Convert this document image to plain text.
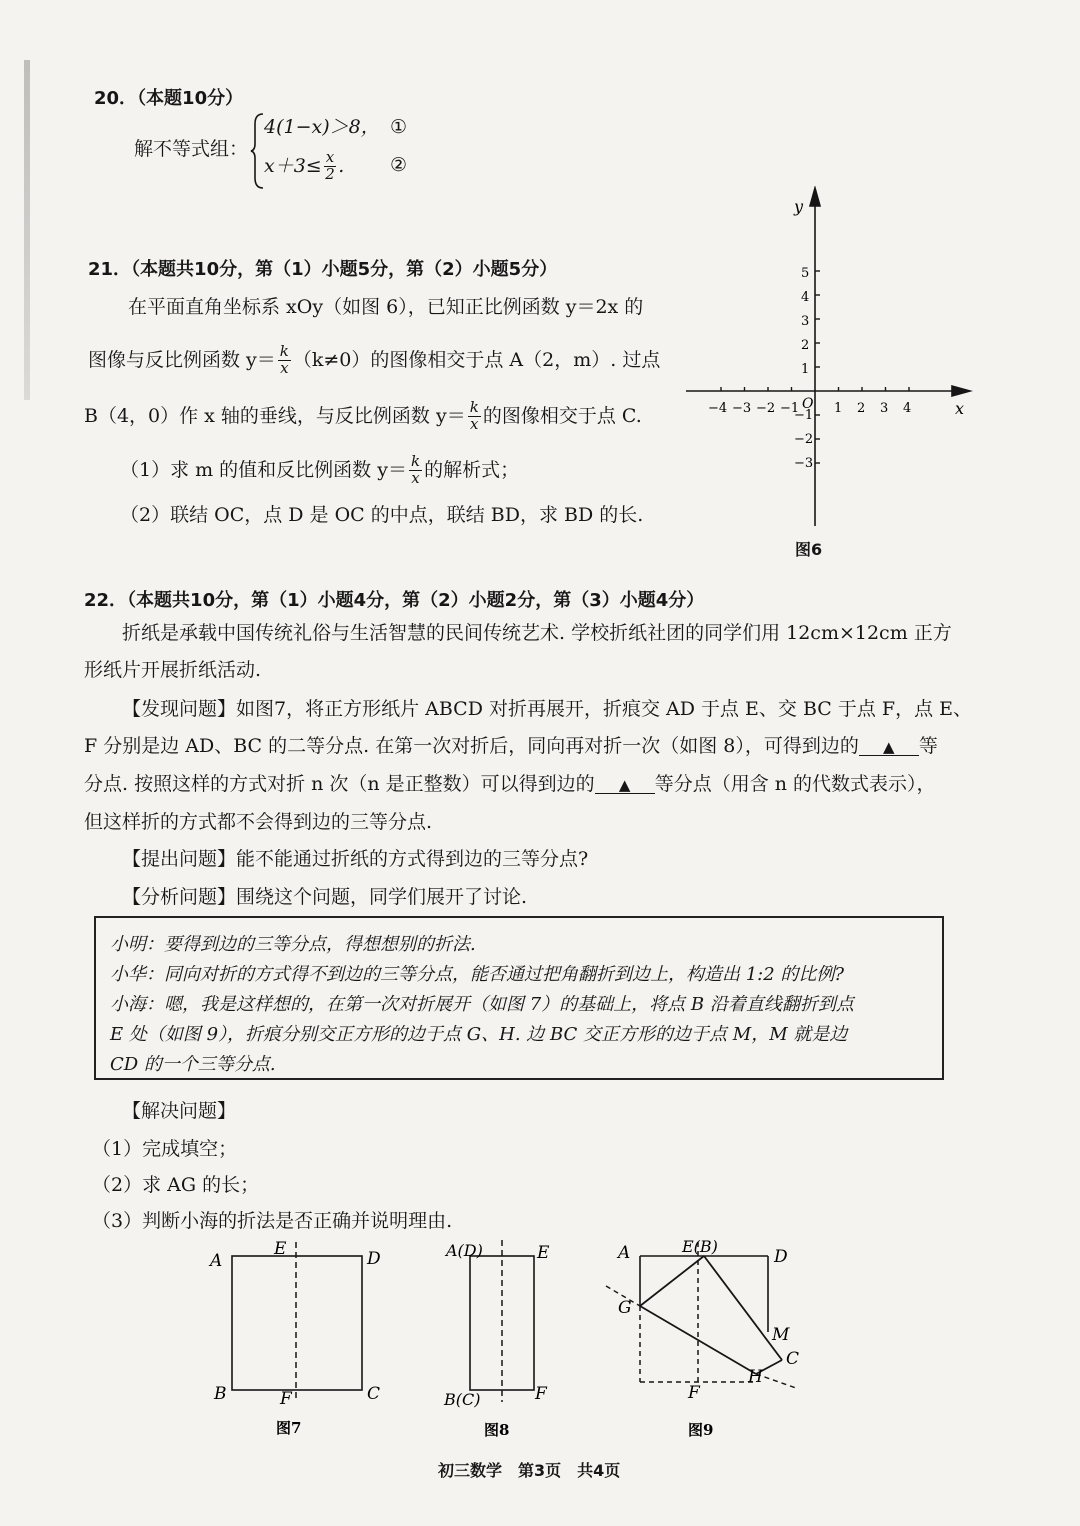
20．（本题10分）
解不等式组：
4(1−x)＞8， ①
$x+3\le \frac{x}{2}$ . ②
21．（本题共10分，第（1）小题5分，第（2）小题5分）
在平面直角坐标系 xOy（如图 6），已知正比例函数 y＝2x 的
图像与反比例函数 $y= \frac{k}{x} (k\ne 0)$的图像相交于点 A（2，m）. 过点
B（4，0）作 x 轴的垂线，与反比例函数 $y= \frac{k}{x}$ 的图像相交于点 C.
（1）求 m 的值和反比例函数 $y= \frac{k}{x}$ 的解析式；
（2）联结 OC，点 D 是 OC 的中点，联结 BD，求 BD 的长.
y
x
O
−4 −3 −2 −1	1 2 3 4
5
4
3
2
1
−1
−2
−3
图6
22．（本题共10分，第（1）小题4分，第（2）小题2分，第（3）小题4分）
折纸是承载中国传统礼俗与生活智慧的民间传统艺术. 学校折纸社团的同学们用 12cm×12cm 正方
形纸片开展折纸活动.
【发现问题】如图7，将正方形纸片 ABCD 对折再展开，折痕交 AD 于点 E、交 BC 于点 F，点 E、
F 分别是边 AD、BC 的二等分点. 在第一次对折后，同向再对折一次（如图 8），可得到边的 ▲ 等
分点. 按照这样的方式对折 n 次（n 是正整数）可以得到边的 ▲ 等分点（用含 n 的代数式表示），
但这样折的方式都不会得到边的三等分点.
【提出问题】能不能通过折纸的方式得到边的三等分点?
【分析问题】围绕这个问题，同学们展开了讨论.
小明：要得到边的三等分点，得想想别的折法.
小华：同向对折的方式得不到边的三等分点，能否通过把角翻折到边上，构造出 1:2 的比例?
小海：嗯，我是这样想的，在第一次对折展开（如图 7）的基础上，将点 B 沿着直线翻折到点
E 处（如图 9），折痕分别交正方形的边于点 G、H. 边 BC 交正方形的边于点 M，M 就是边
CD 的一个三等分点.
【解决问题】
（1）完成填空；
（2）求 AG 的长；
（3）判断小海的折法是否正确并说明理由.
A
E	D
B	F	C
图7
A(D)	E
B(C)	F
图8
A	E(B)
D
G
M
C
H
F
图9
初三数学　第3页　共4页
